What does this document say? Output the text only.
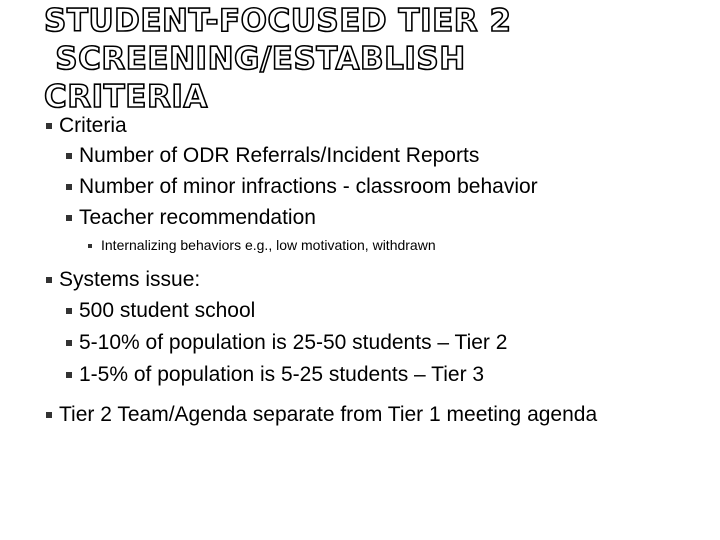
STUDENT-FOCUSED TIER 2
SCREENING/ESTABLISH
CRITERIA
Criteria
Number of ODR Referrals/Incident Reports
Number of minor infractions - classroom behavior
Teacher recommendation
Internalizing behaviors e.g., low motivation, withdrawn
Systems issue:
500 student school
5-10% of population is 25-50 students – Tier 2
1-5% of population is 5-25 students – Tier 3
Tier 2 Team/Agenda separate from Tier 1 meeting agenda
